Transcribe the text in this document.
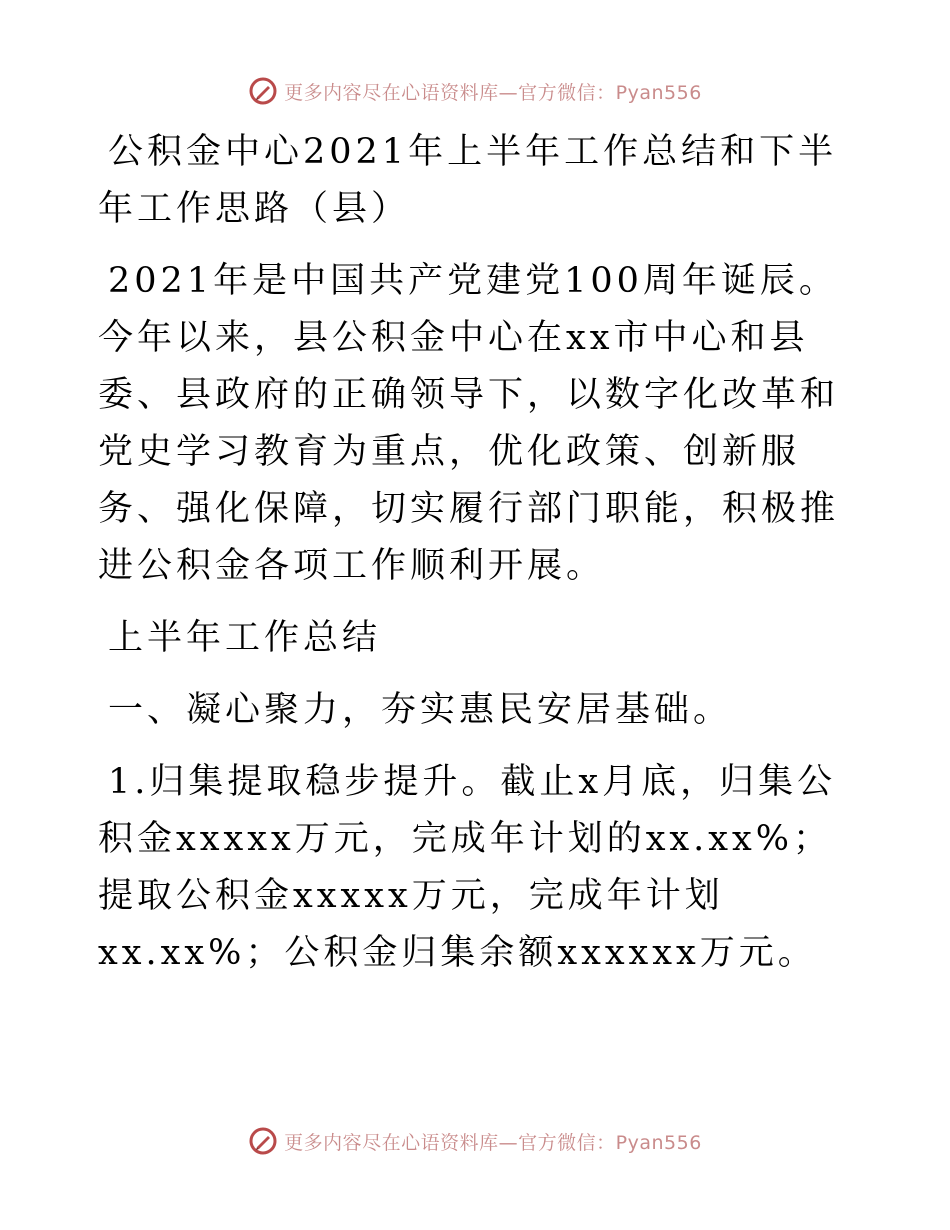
更多内容尽在心语资料库—官方微信：Pyan556

公积金中心2021年上半年工作总结和下半年工作思路（县）

2021年是中国共产党建党100周年诞辰。今年以来，县公积金中心在xx市中心和县委、县政府的正确领导下，以数字化改革和党史学习教育为重点，优化政策、创新服务、强化保障，切实履行部门职能，积极推进公积金各项工作顺利开展。

上半年工作总结

一、凝心聚力，夯实惠民安居基础。

1.归集提取稳步提升。截止x月底，归集公积金xxxxx万元，完成年计划的xx.xx%；提取公积金xxxxx万元，完成年计划xx.xx%；公积金归集余额xxxxxx万元。

更多内容尽在心语资料库—官方微信：Pyan556
